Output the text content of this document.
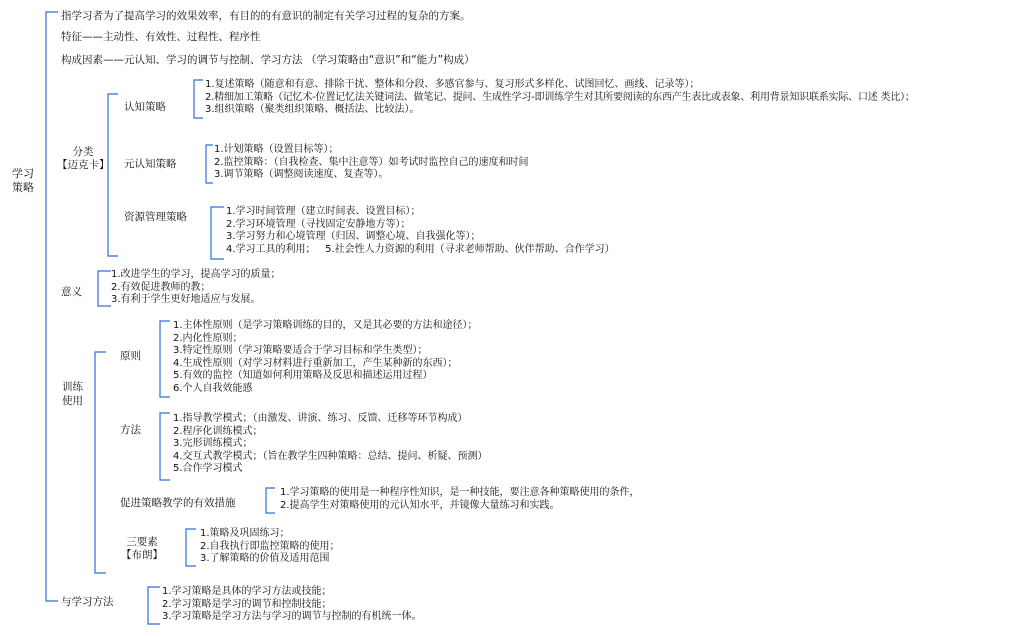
学习
策略
指学习者为了提高学习的效果效率，有目的的有意识的制定有关学习过程的复杂的方案。
特征——主动性、有效性、过程性、程序性
构成因素——元认知、学习的调节与控制、学习方法 （学习策略由“意识”和“能力”构成）
分类
【迈克卡】
认知策略
1.复述策略（随意和有意、排除干扰、整体和分段、多感官参与、复习形式多样化、试图回忆、画线、记录等）；
2.精细加工策略（记忆术-位置记忆法关键词法、做笔记、提问、生成性学习-即训练学生对其所要阅读的东西产生表比或表象、利用背景知识联系实际、口述 类比）；
3.组织策略（聚类组织策略、概括法、比较法）。
元认知策略
1.计划策略（设置目标等）；
2.监控策略：（自我检查、集中注意等）如考试时监控自己的速度和时间
3.调节策略（调整阅读速度、复查等）。
资源管理策略	1.学习时间管理（建立时间表、设置目标）；
2.学习环境管理（寻找固定安静地方等）；
3.学习努力和心境管理（归因、调整心境、自我强化等）；
4.学习工具的利用；   5.社会性人力资源的利用（寻求老师帮助、伙伴帮助、合作学习）
意义
1.改进学生的学习，提高学习的质量；
2.有效促进教师的教；
3.有利于学生更好地适应与发展。
训练
使用
原则
1.主体性原则（是学习策略训练的目的，又是其必要的方法和途径）；
2.内化性原则；
3.特定性原则（学习策略要适合于学习目标和学生类型）；
4.生成性原则（对学习材料进行重新加工，产生某种新的东西）；
5.有效的监控（知道如何利用策略及反思和描述运用过程）
6.个人自我效能感
方法
1.指导教学模式；（由激发、讲演、练习、反馈、迁移等环节构成）
2.程序化训练模式；
3.完形训练模式；
4.交互式教学模式；（旨在教学生四种策略：总结、提问、析疑、预测）
5.合作学习模式
促进策略教学的有效措施
1.学习策略的使用是一种程序性知识，是一种技能，要注意各种策略使用的条件，
2.提高学生对策略使用的元认知水平，并镜像大量练习和实践。
三要素
【布朗】
1.策略及巩固练习；
2.自我执行即监控策略的使用；
3.了解策略的价值及适用范围
与学习方法
1.学习策略是具体的学习方法或技能；
2.学习策略是学习的调节和控制技能；
3.学习策略是学习方法与学习的调节与控制的有机统一体。
